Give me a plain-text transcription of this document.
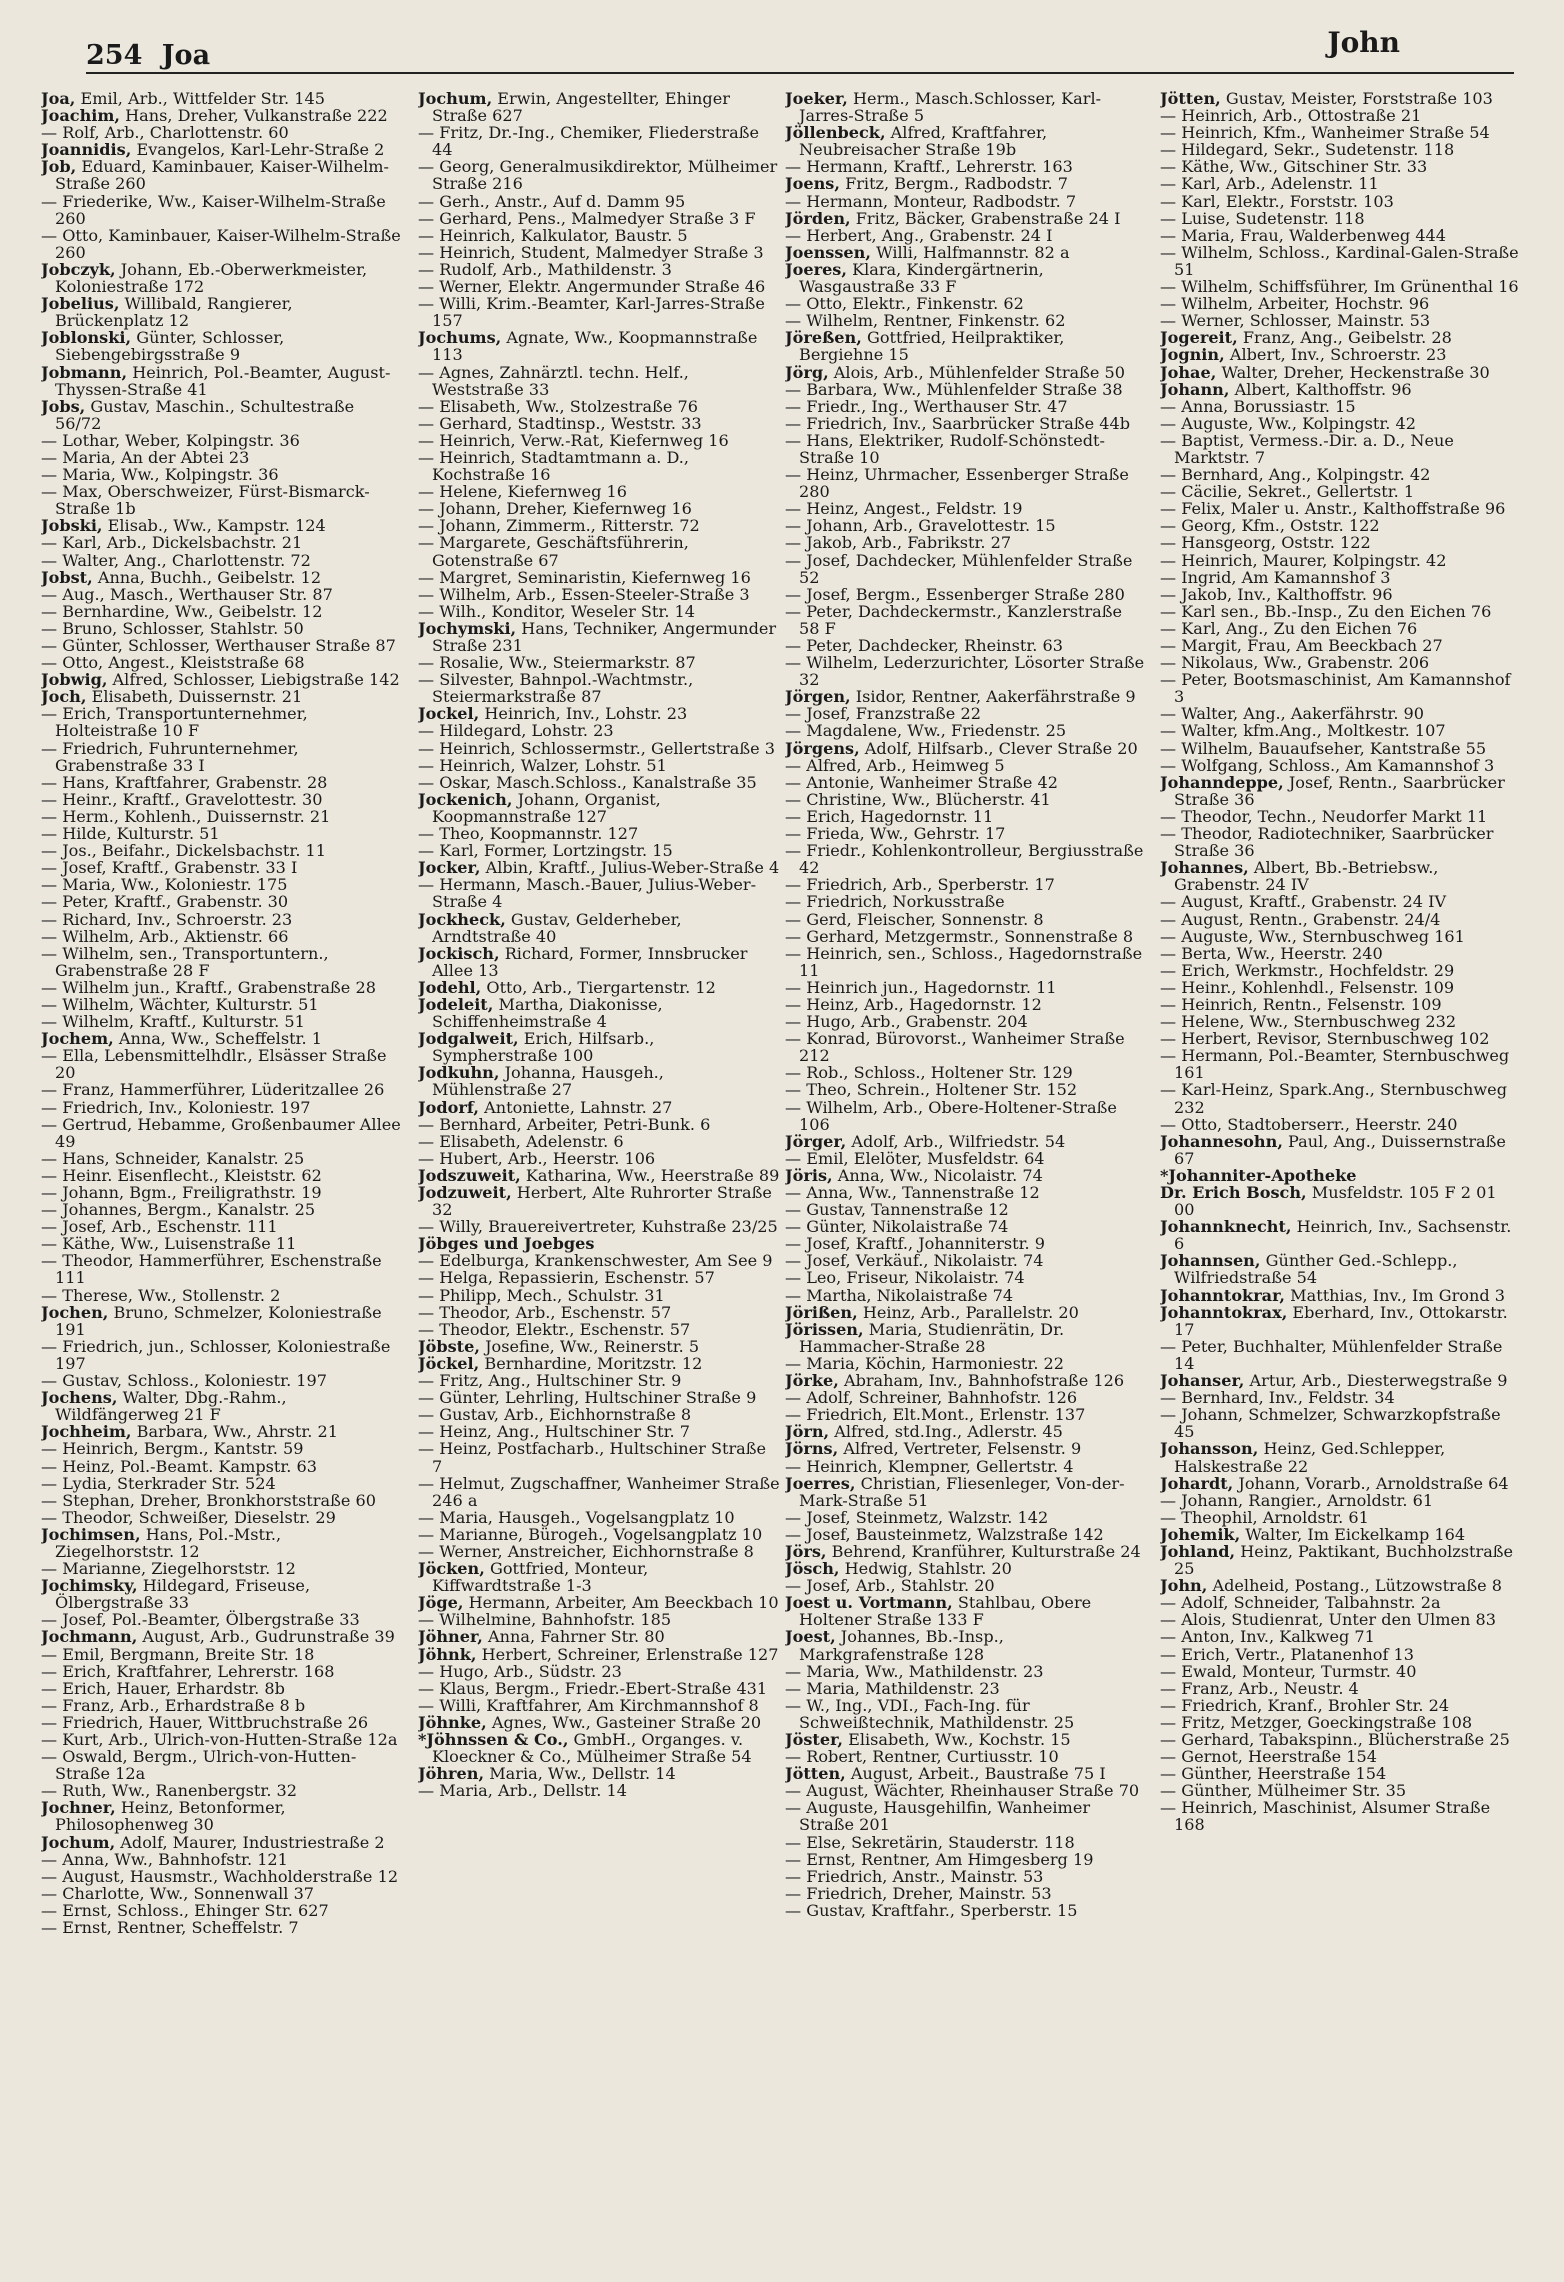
254 Joa	John
Joa, Emil, Arb., Wittfelder Str. 145
Joachim, Hans, Dreher, Vulkanstraße 222
— Rolf, Arb., Charlottenstr. 60
Joannidis, Evangelos, Karl-Lehr-Straße 2
Job, Eduard, Kaminbauer, Kaiser-Wilhelm-Straße 260
— Friederike, Ww., Kaiser-Wilhelm-Straße 260
— Otto, Kaminbauer, Kaiser-Wilhelm-Straße 260
Jobczyk, Johann, Eb.-Oberwerkmeister, Koloniestraße 172
Jobelius, Willibald, Rangierer, Brückenplatz 12
Joblonski, Günter, Schlosser, Siebengebirgsstraße 9
Jobmann, Heinrich, Pol.-Beamter, August-Thyssen-Straße 41
Jobs, Gustav, Maschin., Schultestraße 56/72
— Lothar, Weber, Kolpingstr. 36
— Maria, An der Abtei 23
— Maria, Ww., Kolpingstr. 36
— Max, Oberschweizer, Fürst-Bismarck-Straße 1b
Jobski, Elisab., Ww., Kampstr. 124
— Karl, Arb., Dickelsbachstr. 21
— Walter, Ang., Charlottenstr. 72
Jobst, Anna, Buchh., Geibelstr. 12
— Aug., Masch., Werthauser Str. 87
— Bernhardine, Ww., Geibelstr. 12
— Bruno, Schlosser, Stahlstr. 50
— Günter, Schlosser, Werthauser Straße 87
— Otto, Angest., Kleiststraße 68
Jobwig, Alfred, Schlosser, Liebigstraße 142
Joch, Elisabeth, Duissernstr. 21
— Erich, Transportunternehmer, Holteistraße 10 F
— Friedrich, Fuhrunternehmer, Grabenstraße 33 I
— Hans, Kraftfahrer, Grabenstr. 28
— Heinr., Kraftf., Gravelottestr. 30
— Herm., Kohlenh., Duissernstr. 21
— Hilde, Kulturstr. 51
— Jos., Beifahr., Dickelsbachstr. 11
— Josef, Kraftf., Grabenstr. 33 I
— Maria, Ww., Koloniestr. 175
— Peter, Kraftf., Grabenstr. 30
— Richard, Inv., Schroerstr. 23
— Wilhelm, Arb., Aktienstr. 66
— Wilhelm, sen., Transportuntern., Grabenstraße 28 F
— Wilhelm jun., Kraftf., Grabenstraße 28
— Wilhelm, Wächter, Kulturstr. 51
— Wilhelm, Kraftf., Kulturstr. 51
Jochem, Anna, Ww., Scheffelstr. 1
— Ella, Lebensmittelhdlr., Elsässer Straße 20
— Franz, Hammerführer, Lüderitzallee 26
— Friedrich, Inv., Koloniestr. 197
— Gertrud, Hebamme, Großenbaumer Allee 49
— Hans, Schneider, Kanalstr. 25
— Heinr. Eisenflecht., Kleiststr. 62
— Johann, Bgm., Freiligrathstr. 19
— Johannes, Bergm., Kanalstr. 25
— Josef, Arb., Eschenstr. 111
— Käthe, Ww., Luisenstraße 11
— Theodor, Hammerführer, Eschenstraße 111
— Therese, Ww., Stollenstr. 2
Jochen, Bruno, Schmelzer, Koloniestraße 191
— Friedrich, jun., Schlosser, Koloniestraße 197
— Gustav, Schloss., Koloniestr. 197
Jochens, Walter, Dbg.-Rahm., Wildfängerweg 21 F
Jochheim, Barbara, Ww., Ahrstr. 21
— Heinrich, Bergm., Kantstr. 59
— Heinz, Pol.-Beamt. Kampstr. 63
— Lydia, Sterkrader Str. 524
— Stephan, Dreher, Bronkhorststraße 60
— Theodor, Schweißer, Dieselstr. 29
Jochimsen, Hans, Pol.-Mstr., Ziegelhorststr. 12
— Marianne, Ziegelhorststr. 12
Jochimsky, Hildegard, Friseuse, Ölbergstraße 33
— Josef, Pol.-Beamter, Ölbergstraße 33
Jochmann, August, Arb., Gudrunstraße 39
— Emil, Bergmann, Breite Str. 18
— Erich, Kraftfahrer, Lehrerstr. 168
— Erich, Hauer, Erhardstr. 8b
— Franz, Arb., Erhardstraße 8 b
— Friedrich, Hauer, Wittbruchstraße 26
— Kurt, Arb., Ulrich-von-Hutten-Straße 12a
— Oswald, Bergm., Ulrich-von-Hutten-Straße 12a
— Ruth, Ww., Ranenbergstr. 32
Jochner, Heinz, Betonformer, Philosophenweg 30
Jochum, Adolf, Maurer, Industriestraße 2
— Anna, Ww., Bahnhofstr. 121
— August, Hausmstr., Wachholderstraße 12
— Charlotte, Ww., Sonnenwall 37
— Ernst, Schloss., Ehinger Str. 627
— Ernst, Rentner, Scheffelstr. 7
Jochum, Erwin, Angestellter, Ehinger Straße 627
— Fritz, Dr.-Ing., Chemiker, Fliederstraße 44
— Georg, Generalmusikdirektor, Mülheimer Straße 216
— Gerh., Anstr., Auf d. Damm 95
— Gerhard, Pens., Malmedyer Straße 3 F
— Heinrich, Kalkulator, Baustr. 5
— Heinrich, Student, Malmedyer Straße 3
— Rudolf, Arb., Mathildenstr. 3
— Werner, Elektr. Angermunder Straße 46
— Willi, Krim.-Beamter, Karl-Jarres-Straße 157
Jochums, Agnate, Ww., Koopmannstraße 113
— Agnes, Zahnärztl. techn. Helf., Weststraße 33
— Elisabeth, Ww., Stolzestraße 76
— Gerhard, Stadtinsp., Weststr. 33
— Heinrich, Verw.-Rat, Kiefernweg 16
— Heinrich, Stadtamtmann a. D., Kochstraße 16
— Helene, Kiefernweg 16
— Johann, Dreher, Kiefernweg 16
— Johann, Zimmerm., Ritterstr. 72
— Margarete, Geschäftsführerin, Gotenstraße 67
— Margret, Seminaristin, Kiefernweg 16
— Wilhelm, Arb., Essen-Steeler-Straße 3
— Wilh., Konditor, Weseler Str. 14
Jochymski, Hans, Techniker, Angermunder Straße 231
— Rosalie, Ww., Steiermarkstr. 87
— Silvester, Bahnpol.-Wachtmstr., Steiermarkstraße 87
Jockel, Heinrich, Inv., Lohstr. 23
— Hildegard, Lohstr. 23
— Heinrich, Schlossermstr., Gellertstraße 3
— Heinrich, Walzer, Lohstr. 51
— Oskar, Masch.Schloss., Kanalstraße 35
Jockenich, Johann, Organist, Koopmannstraße 127
— Theo, Koopmannstr. 127
— Karl, Former, Lortzingstr. 15
Jocker, Albin, Kraftf., Julius-Weber-Straße 4
— Hermann, Masch.-Bauer, Julius-Weber-Straße 4
Jockheck, Gustav, Gelderheber, Arndtstraße 40
Jockisch, Richard, Former, Innsbrucker Allee 13
Jodehl, Otto, Arb., Tiergartenstr. 12
Jodeleit, Martha, Diakonisse, Schiffenheimstraße 4
Jodgalweit, Erich, Hilfsarb., Sympherstraße 100
Jodkuhn, Johanna, Hausgeh., Mühlenstraße 27
Jodorf, Antoniette, Lahnstr. 27
— Bernhard, Arbeiter, Petri-Bunk. 6
— Elisabeth, Adelenstr. 6
— Hubert, Arb., Heerstr. 106
Jodszuweit, Katharina, Ww., Heerstraße 89
Jodzuweit, Herbert, Alte Ruhrorter Straße 32
— Willy, Brauereivertreter, Kuhstraße 23/25
Jöbges und Joebges
— Edelburga, Krankenschwester, Am See 9
— Helga, Repassierin, Eschenstr. 57
— Philipp, Mech., Schulstr. 31
— Theodor, Arb., Eschenstr. 57
— Theodor, Elektr., Eschenstr. 57
Jöbste, Josefine, Ww., Reinerstr. 5
Jöckel, Bernhardine, Moritzstr. 12
— Fritz, Ang., Hultschiner Str. 9
— Günter, Lehrling, Hultschiner Straße 9
— Gustav, Arb., Eichhornstraße 8
— Heinz, Ang., Hultschiner Str. 7
— Heinz, Postfacharb., Hultschiner Straße 7
— Helmut, Zugschaffner, Wanheimer Straße 246 a
— Maria, Hausgeh., Vogelsangplatz 10
— Marianne, Bürogeh., Vogelsangplatz 10
— Werner, Anstreicher, Eichhornstraße 8
Jöcken, Gottfried, Monteur, Kiffwardtstraße 1-3
Jöge, Hermann, Arbeiter, Am Beeckbach 10
— Wilhelmine, Bahnhofstr. 185
Jöhner, Anna, Fahrner Str. 80
Jöhnk, Herbert, Schreiner, Erlenstraße 127
— Hugo, Arb., Südstr. 23
— Klaus, Bergm., Friedr.-Ebert-Straße 431
— Willi, Kraftfahrer, Am Kirchmannshof 8
Jöhnke, Agnes, Ww., Gasteiner Straße 20
*Jöhnssen & Co., GmbH., Organges. v. Kloeckner & Co., Mülheimer Straße 54
Jöhren, Maria, Ww., Dellstr. 14
— Maria, Arb., Dellstr. 14
Joeker, Herm., Masch.Schlosser, Karl-Jarres-Straße 5
Jöllenbeck, Alfred, Kraftfahrer, Neubreisacher Straße 19b
— Hermann, Kraftf., Lehrerstr. 163
Joens, Fritz, Bergm., Radbodstr. 7
— Hermann, Monteur, Radbodstr. 7
Jörden, Fritz, Bäcker, Grabenstraße 24 I
— Herbert, Ang., Grabenstr. 24 I
Joenssen, Willi, Halfmannstr. 82 a
Joeres, Klara, Kindergärtnerin, Wasgaustraße 33 F
— Otto, Elektr., Finkenstr. 62
— Wilhelm, Rentner, Finkenstr. 62
Jöreßen, Gottfried, Heilpraktiker, Bergiehne 15
Jörg, Alois, Arb., Mühlenfelder Straße 50
— Barbara, Ww., Mühlenfelder Straße 38
— Friedr., Ing., Werthauser Str. 47
— Friedrich, Inv., Saarbrücker Straße 44b
— Hans, Elektriker, Rudolf-Schönstedt-Straße 10
— Heinz, Uhrmacher, Essenberger Straße 280
— Heinz, Angest., Feldstr. 19
— Johann, Arb., Gravelottestr. 15
— Jakob, Arb., Fabrikstr. 27
— Josef, Dachdecker, Mühlenfelder Straße 52
— Josef, Bergm., Essenberger Straße 280
— Peter, Dachdeckermstr., Kanzlerstraße 58 F
— Peter, Dachdecker, Rheinstr. 63
— Wilhelm, Lederzurichter, Lösorter Straße 32
Jörgen, Isidor, Rentner, Aakerfährstraße 9
— Josef, Franzstraße 22
— Magdalene, Ww., Friedenstr. 25
Jörgens, Adolf, Hilfsarb., Clever Straße 20
— Alfred, Arb., Heimweg 5
— Antonie, Wanheimer Straße 42
— Christine, Ww., Blücherstr. 41
— Erich, Hagedornstr. 11
— Frieda, Ww., Gehrstr. 17
— Friedr., Kohlenkontrolleur, Bergiusstraße 42
— Friedrich, Arb., Sperberstr. 17
— Friedrich, Norkusstraße
— Gerd, Fleischer, Sonnenstr. 8
— Gerhard, Metzgermstr., Sonnenstraße 8
— Heinrich, sen., Schloss., Hagedornstraße 11
— Heinrich jun., Hagedornstr. 11
— Heinz, Arb., Hagedornstr. 12
— Hugo, Arb., Grabenstr. 204
— Konrad, Bürovorst., Wanheimer Straße 212
— Rob., Schloss., Holtener Str. 129
— Theo, Schrein., Holtener Str. 152
— Wilhelm, Arb., Obere-Holtener-Straße 106
Jörger, Adolf, Arb., Wilfriedstr. 54
— Emil, Elelöter, Musfeldstr. 64
Jöris, Anna, Ww., Nicolaistr. 74
— Anna, Ww., Tannenstraße 12
— Gustav, Tannenstraße 12
— Günter, Nikolaistraße 74
— Josef, Kraftf., Johanniterstr. 9
— Josef, Verkäuf., Nikolaistr. 74
— Leo, Friseur, Nikolaistr. 74
— Martha, Nikolaistraße 74
Jörißen, Heinz, Arb., Parallelstr. 20
Jörissen, Maria, Studienrätin, Dr. Hammacher-Straße 28
— Maria, Köchin, Harmoniestr. 22
Jörke, Abraham, Inv., Bahnhofstraße 126
— Adolf, Schreiner, Bahnhofstr. 126
— Friedrich, Elt.Mont., Erlenstr. 137
Jörn, Alfred, std.Ing., Adlerstr. 45
Jörns, Alfred, Vertreter, Felsenstr. 9
— Heinrich, Klempner, Gellertstr. 4
Joerres, Christian, Fliesenleger, Von-der-Mark-Straße 51
— Josef, Steinmetz, Walzstr. 142
— Josef, Bausteinmetz, Walzstraße 142
Jörs, Behrend, Kranführer, Kulturstraße 24
Jösch, Hedwig, Stahlstr. 20
— Josef, Arb., Stahlstr. 20
Joest u. Vortmann, Stahlbau, Obere Holtener Straße 133 F
Joest, Johannes, Bb.-Insp., Markgrafenstraße 128
— Maria, Ww., Mathildenstr. 23
— Maria, Mathildenstr. 23
— W., Ing., VDI., Fach-Ing. für Schweißtechnik, Mathildenstr. 25
Jöster, Elisabeth, Ww., Kochstr. 15
— Robert, Rentner, Curtiusstr. 10
Jötten, August, Arbeit., Baustraße 75 I
— August, Wächter, Rheinhauser Straße 70
— Auguste, Hausgehilfin, Wanheimer Straße 201
— Else, Sekretärin, Stauderstr. 118
— Ernst, Rentner, Am Himgesberg 19
— Friedrich, Anstr., Mainstr. 53
— Friedrich, Dreher, Mainstr. 53
— Gustav, Kraftfahr., Sperberstr. 15
Jötten, Gustav, Meister, Forststraße 103
— Heinrich, Arb., Ottostraße 21
— Heinrich, Kfm., Wanheimer Straße 54
— Hildegard, Sekr., Sudetenstr. 118
— Käthe, Ww., Gitschiner Str. 33
— Karl, Arb., Adelenstr. 11
— Karl, Elektr., Forststr. 103
— Luise, Sudetenstr. 118
— Maria, Frau, Walderbenweg 444
— Wilhelm, Schloss., Kardinal-Galen-Straße 51
— Wilhelm, Schiffsführer, Im Grünenthal 16
— Wilhelm, Arbeiter, Hochstr. 96
— Werner, Schlosser, Mainstr. 53
Jogereit, Franz, Ang., Geibelstr. 28
Jognin, Albert, Inv., Schroerstr. 23
Johae, Walter, Dreher, Heckenstraße 30
Johann, Albert, Kalthoffstr. 96
— Anna, Borussiastr. 15
— Auguste, Ww., Kolpingstr. 42
— Baptist, Vermess.-Dir. a. D., Neue Marktstr. 7
— Bernhard, Ang., Kolpingstr. 42
— Cäcilie, Sekret., Gellertstr. 1
— Felix, Maler u. Anstr., Kalthoffstraße 96
— Georg, Kfm., Oststr. 122
— Hansgeorg, Oststr. 122
— Heinrich, Maurer, Kolpingstr. 42
— Ingrid, Am Kamannshof 3
— Jakob, Inv., Kalthoffstr. 96
— Karl sen., Bb.-Insp., Zu den Eichen 76
— Karl, Ang., Zu den Eichen 76
— Margit, Frau, Am Beeckbach 27
— Nikolaus, Ww., Grabenstr. 206
— Peter, Bootsmaschinist, Am Kamannshof 3
— Walter, Ang., Aakerfährstr. 90
— Walter, kfm.Ang., Moltkestr. 107
— Wilhelm, Bauaufseher, Kantstraße 55
— Wolfgang, Schloss., Am Kamannshof 3
Johanndeppe, Josef, Rentn., Saarbrücker Straße 36
— Theodor, Techn., Neudorfer Markt 11
— Theodor, Radiotechniker, Saarbrücker Straße 36
Johannes, Albert, Bb.-Betriebsw., Grabenstr. 24 IV
— August, Kraftf., Grabenstr. 24 IV
— August, Rentn., Grabenstr. 24/4
— Auguste, Ww., Sternbuschweg 161
— Berta, Ww., Heerstr. 240
— Erich, Werkmstr., Hochfeldstr. 29
— Heinr., Kohlenhdl., Felsenstr. 109
— Heinrich, Rentn., Felsenstr. 109
— Helene, Ww., Sternbuschweg 232
— Herbert, Revisor, Sternbuschweg 102
— Hermann, Pol.-Beamter, Sternbuschweg 161
— Karl-Heinz, Spark.Ang., Sternbuschweg 232
— Otto, Stadtoberserr., Heerstr. 240
Johannesohn, Paul, Ang., Duissernstraße 67
*Johanniter-Apotheke
Dr. Erich Bosch, Musfeldstr. 105 F 2 01 00
Johannknecht, Heinrich, Inv., Sachsenstr. 6
Johannsen, Günther Ged.-Schlepp., Wilfriedstraße 54
Johanntokrar, Matthias, Inv., Im Grond 3
Johanntokrax, Eberhard, Inv., Ottokarstr. 17
— Peter, Buchhalter, Mühlenfelder Straße 14
Johanser, Artur, Arb., Diesterwegstraße 9
— Bernhard, Inv., Feldstr. 34
— Johann, Schmelzer, Schwarzkopfstraße 45
Johansson, Heinz, Ged.Schlepper, Halskestraße 22
Johardt, Johann, Vorarb., Arnoldstraße 64
— Johann, Rangier., Arnoldstr. 61
— Theophil, Arnoldstr. 61
Johemik, Walter, Im Eickelkamp 164
Johland, Heinz, Paktikant, Buchholzstraße 25
John, Adelheid, Postang., Lützowstraße 8
— Adolf, Schneider, Talbahnstr. 2a
— Alois, Studienrat, Unter den Ulmen 83
— Anton, Inv., Kalkweg 71
— Erich, Vertr., Platanenhof 13
— Ewald, Monteur, Turmstr. 40
— Franz, Arb., Neustr. 4
— Friedrich, Kranf., Brohler Str. 24
— Fritz, Metzger, Goeckingstraße 108
— Gerhard, Tabakspinn., Blücherstraße 25
— Gernot, Heerstraße 154
— Günther, Heerstraße 154
— Günther, Mülheimer Str. 35
— Heinrich, Maschinist, Alsumer Straße 168
